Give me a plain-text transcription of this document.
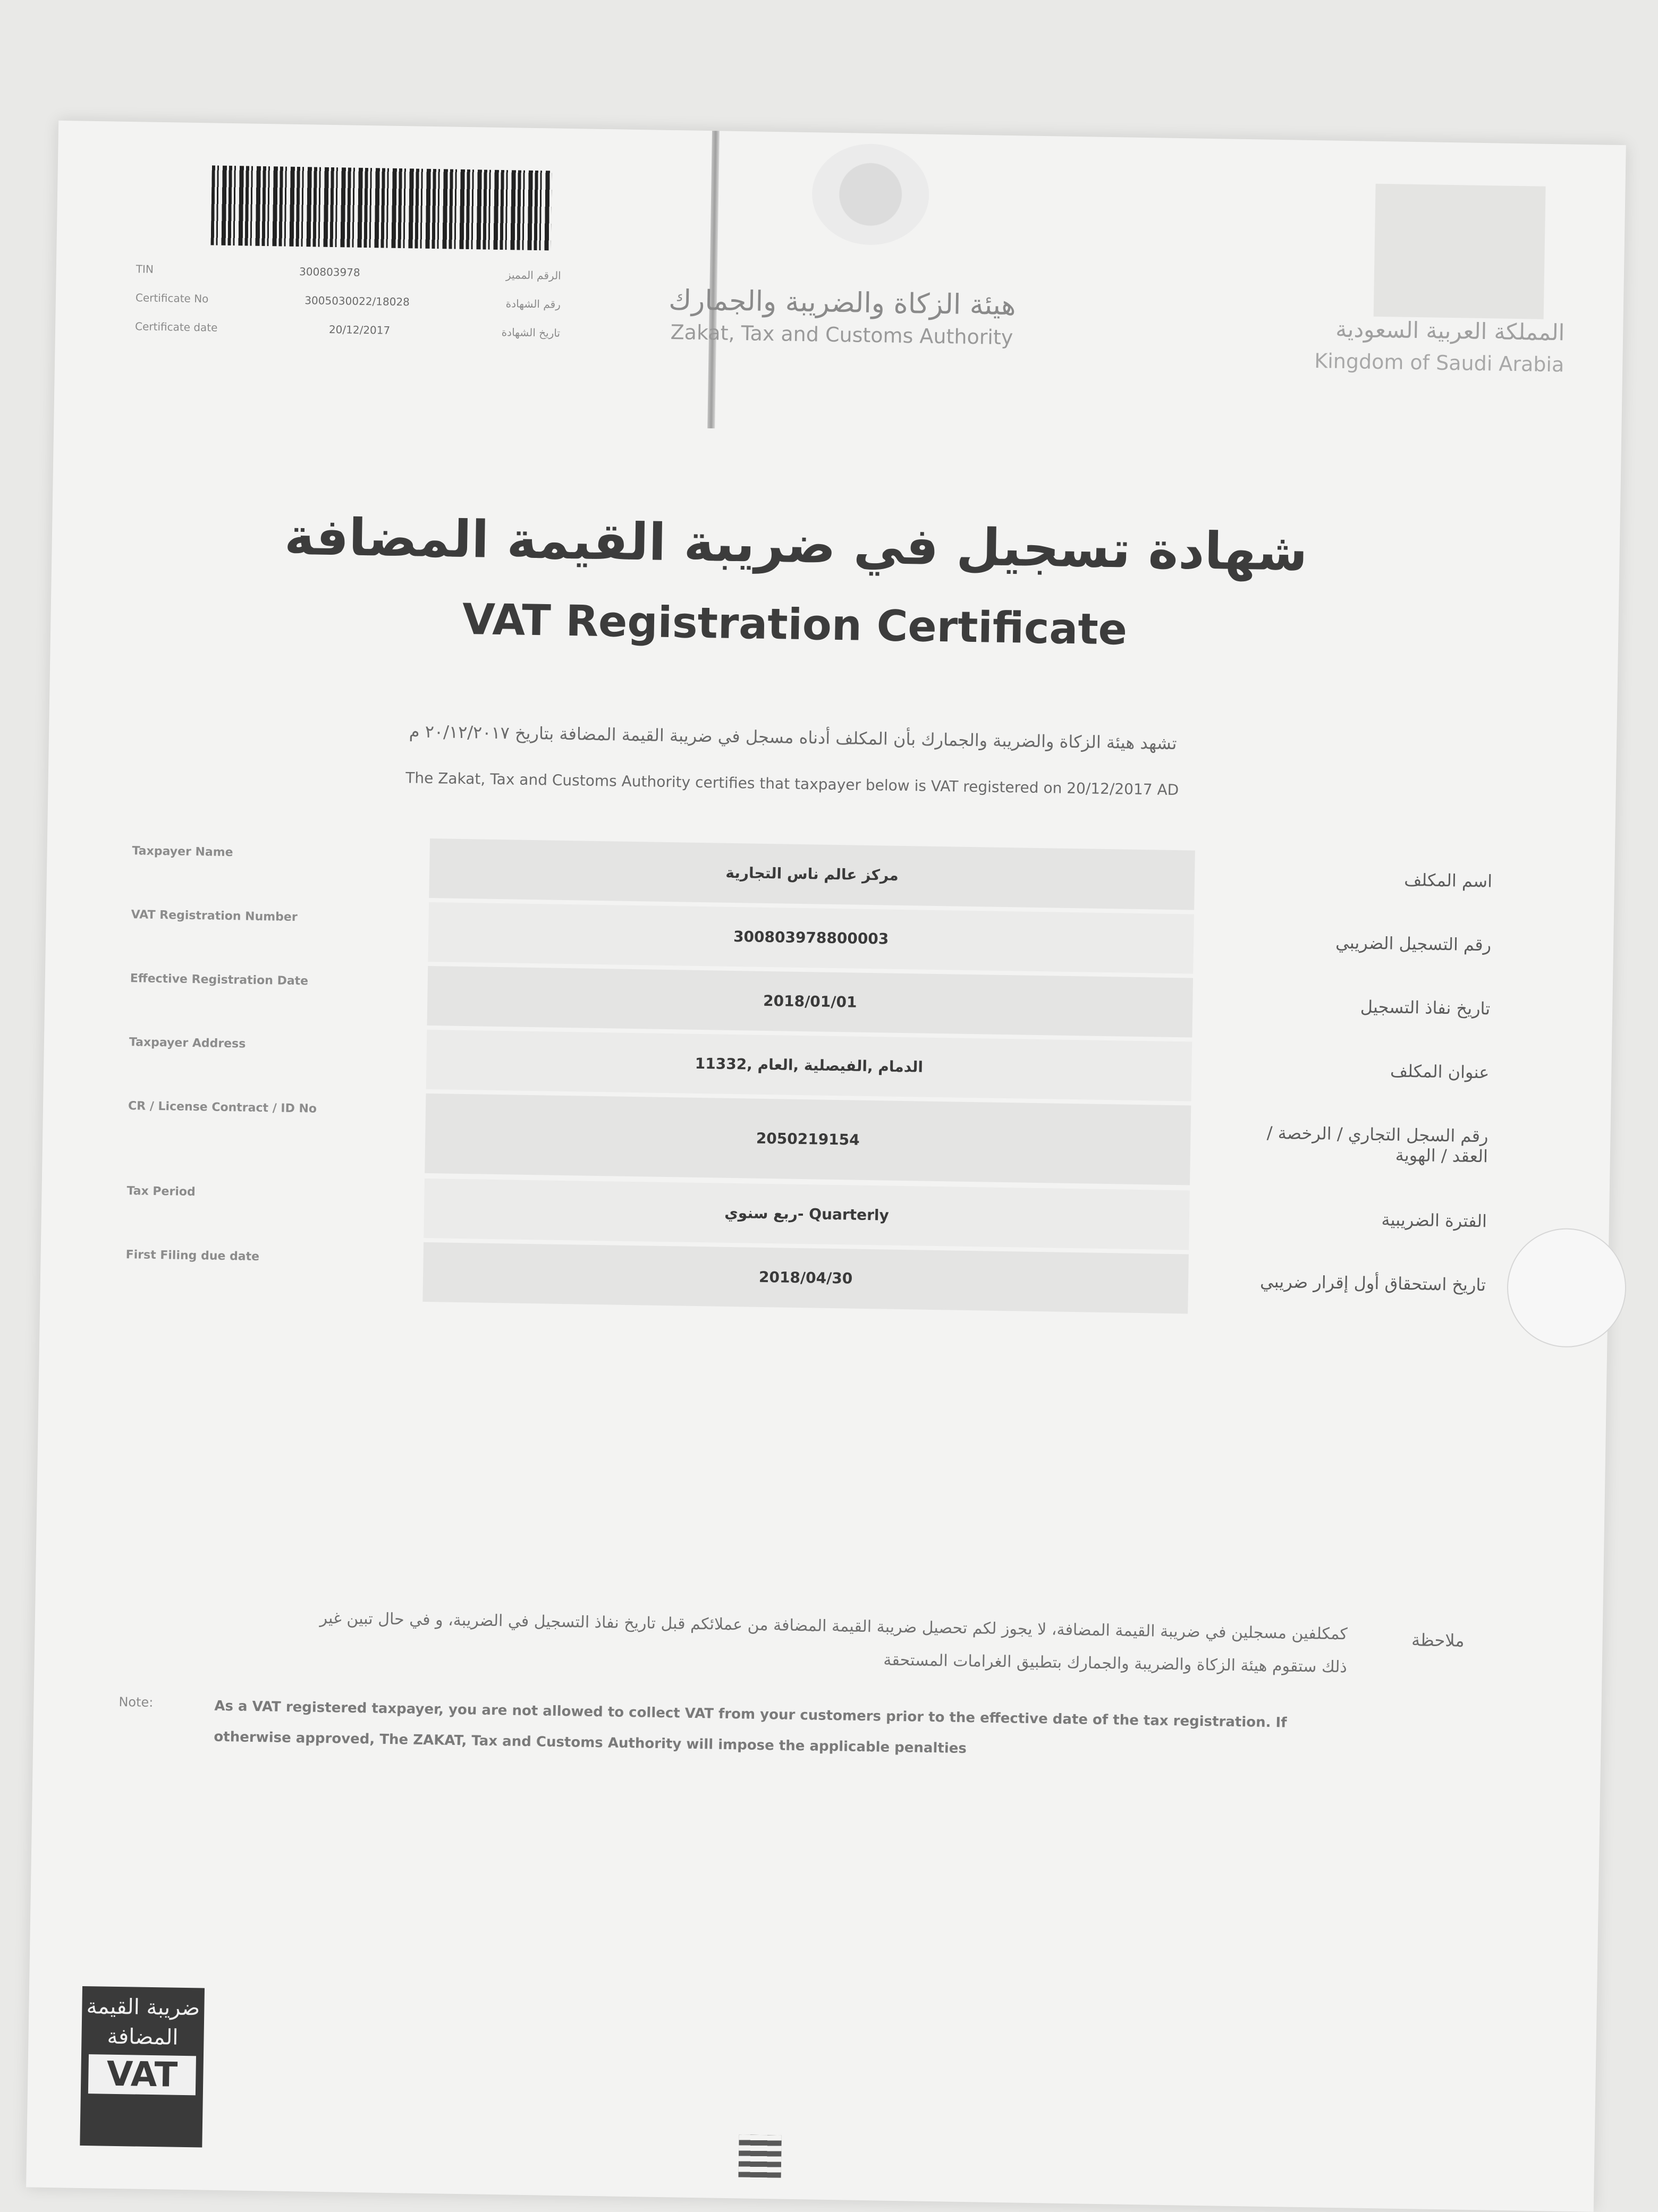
TIN	300803978	الرقم المميز
Certificate No	3005030022/18028	رقم الشهادة
Certificate date	20/12/2017	تاريخ الشهادة
هيئة الزكاة والضريبة والجمارك
Zakat, Tax and Customs Authority	المملكة العربية السعودية
Kingdom of Saudi Arabia
شهادة تسجيل في ضريبة القيمة المضافة
VAT Registration Certificate
تشهد هيئة الزكاة والضريبة والجمارك بأن المكلف أدناه مسجل في ضريبة القيمة المضافة بتاريخ ٢٠/١٢/٢٠١٧ م
The Zakat, Tax and Customs Authority certifies that taxpayer below is VAT registered on 20/12/2017 AD
Taxpayer Name
مركز عالم ناس التجارية	اسم المكلف
VAT Registration Number
300803978800003	رقم التسجيل الضريبي
Effective Registration Date
2018/01/01	تاريخ نفاذ التسجيل
Taxpayer Address
الدمام ,الفيصلية ,العام ,11332	عنوان المكلف
CR / License Contract / ID No
2050219154	رقم السجل التجاري / الرخصة / العقد / الهوية
Tax Period
ربع سنوي- Quarterly	الفترة الضريبية
First Filing due date
2018/04/30	تاريخ استحقاق أول إقرار ضريبي
ملاحظة
كمكلفين مسجلين في ضريبة القيمة المضافة، لا يجوز لكم تحصيل ضريبة القيمة المضافة من عملائكم قبل تاريخ نفاذ التسجيل في الضريبة، و في حال تبين غير ذلك ستقوم هيئة الزكاة والضريبة والجمارك بتطبيق الغرامات المستحقة
Note:	As a VAT registered taxpayer, you are not allowed to collect VAT from your customers prior to the effective date of the tax registration. If otherwise approved, The ZAKAT, Tax and Customs Authority will impose the applicable penalties
ضريبة القيمة المضافة
VAT
